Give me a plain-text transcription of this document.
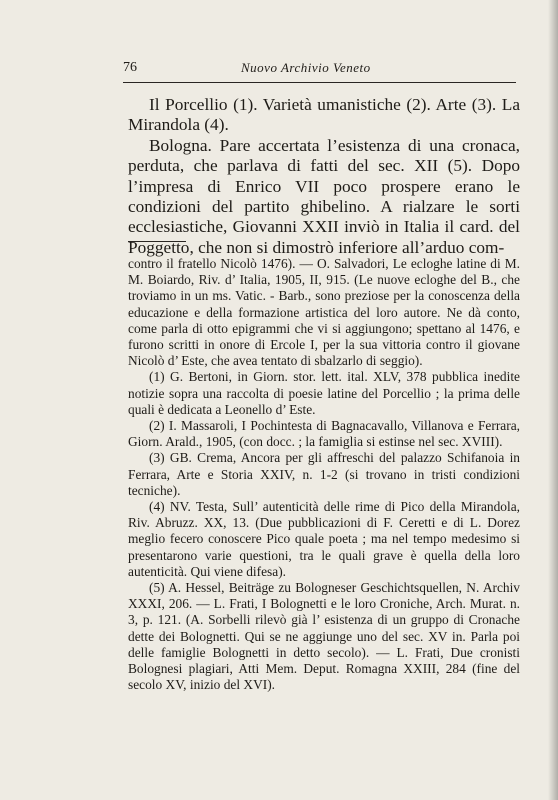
76	Nuovo Archivio Veneto

Il Porcellio (1). Varietà umanistiche (2). Arte (3). La Mirandola (4).

Bologna. Pare accertata l’esistenza di una cronaca, perduta, che parlava di fatti del sec. XII (5). Dopo l’impresa di Enrico VII poco prospere erano le condizioni del partito ghibelino. A rialzare le sorti ecclesiastiche, Giovanni XXII inviò in Italia il card. del Poggetto, che non si dimostrò inferiore all’arduo com-

contro il fratello Nicolò 1476). — O. Salvadori, Le ecloghe latine di M. M. Boiardo, Riv. d’ Italia, 1905, II, 915. (Le nuove ecloghe del B., che troviamo in un ms. Vatic. - Barb., sono preziose per la conoscenza della educazione e della formazione artistica del loro autore. Ne dà conto, come parla di otto epigrammi che vi si aggiungono; spettano al 1476, e furono scritti in onore di Ercole I, per la sua vittoria contro il giovane Nicolò d’ Este, che avea tentato di sbalzarlo di seggio).

(1) G. Bertoni, in Giorn. stor. lett. ital. XLV, 378 pubblica inedite notizie sopra una raccolta di poesie latine del Porcellio ; la prima delle quali è dedicata a Leonello d’ Este.

(2) I. Massaroli, I Pochintesta di Bagnacavallo, Villanova e Ferrara, Giorn. Arald., 1905, (con docc. ; la famiglia si estinse nel sec. XVIII).

(3) GB. Crema, Ancora per gli affreschi del palazzo Schifanoia in Ferrara, Arte e Storia XXIV, n. 1-2 (si trovano in tristi condizioni tecniche).

(4) NV. Testa, Sull’ autenticità delle rime di Pico della Mirandola, Riv. Abruzz. XX, 13. (Due pubblicazioni di F. Ceretti e di L. Dorez meglio fecero conoscere Pico quale poeta ; ma nel tempo medesimo si presentarono varie questioni, tra le quali grave è quella della loro autenticità. Qui viene difesa).

(5) A. Hessel, Beiträge zu Bologneser Geschichtsquellen, N. Archiv XXXI, 206. — L. Frati, I Bolognetti e le loro Croniche, Arch. Murat. n. 3, p. 121. (A. Sorbelli rilevò già l’ esistenza di un gruppo di Cronache dette dei Bolognetti. Qui se ne aggiunge uno del sec. XV in. Parla poi delle famiglie Bolognetti in detto secolo). — L. Frati, Due cronisti Bolognesi plagiari, Atti Mem. Deput. Romagna XXIII, 284 (fine del secolo XV, inizio del XVI).
